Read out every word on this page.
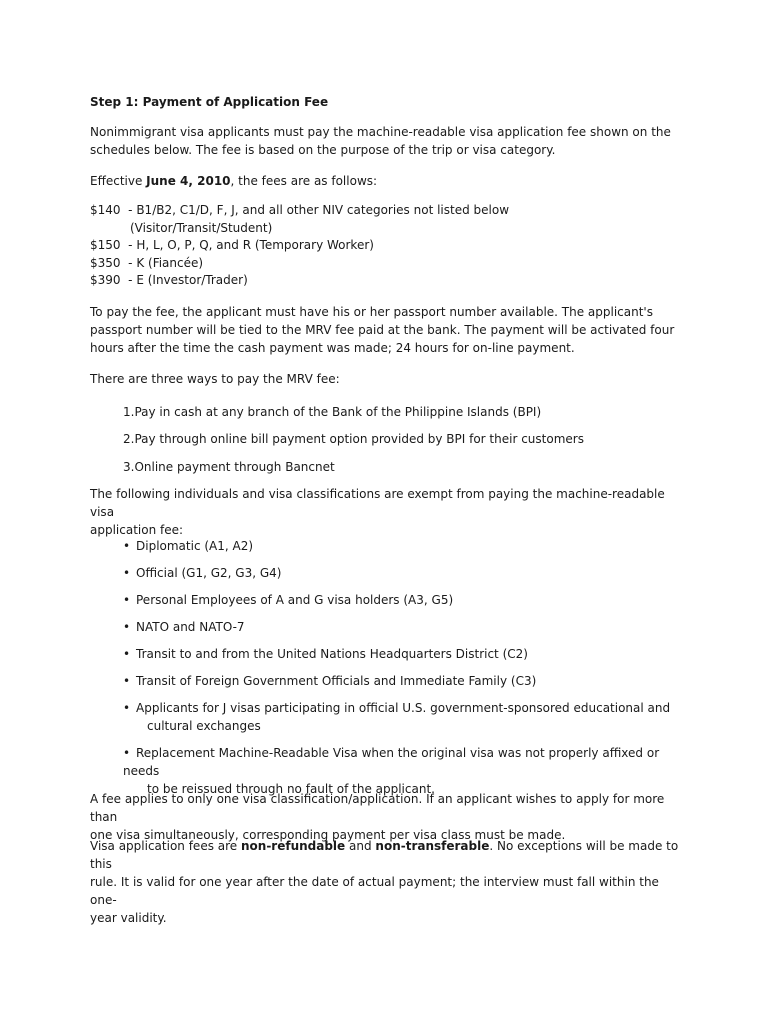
Step 1: Payment of Application Fee

Nonimmigrant visa applicants must pay the machine-readable visa application fee shown on the
schedules below. The fee is based on the purpose of the trip or visa category.

Effective June 4, 2010, the fees are as follows:

$140  - B1/B2, C1/D, F, J, and all other NIV categories not listed below
(Visitor/Transit/Student)
$150  - H, L, O, P, Q, and R (Temporary Worker)
$350  - K (Fiancée)
$390  - E (Investor/Trader)

To pay the fee, the applicant must have his or her passport number available. The applicant's
passport number will be tied to the MRV fee paid at the bank. The payment will be activated four
hours after the time the cash payment was made; 24 hours for on-line payment.

There are three ways to pay the MRV fee:

1.Pay in cash at any branch of the Bank of the Philippine Islands (BPI)

2.Pay through online bill payment option provided by BPI for their customers

3.Online payment through Bancnet

The following individuals and visa classifications are exempt from paying the machine-readable visa
application fee:

• Diplomatic (A1, A2)
• Official (G1, G2, G3, G4)
• Personal Employees of A and G visa holders (A3, G5)
• NATO and NATO-7
• Transit to and from the United Nations Headquarters District (C2)
• Transit of Foreign Government Officials and Immediate Family (C3)
• Applicants for J visas participating in official U.S. government-sponsored educational and
cultural exchanges
• Replacement Machine-Readable Visa when the original visa was not properly affixed or needs
to be reissued through no fault of the applicant.

A fee applies to only one visa classification/application. If an applicant wishes to apply for more than
one visa simultaneously, corresponding payment per visa class must be made.

Visa application fees are non-refundable and non-transferable. No exceptions will be made to this
rule. It is valid for one year after the date of actual payment; the interview must fall within the one-
year validity.
